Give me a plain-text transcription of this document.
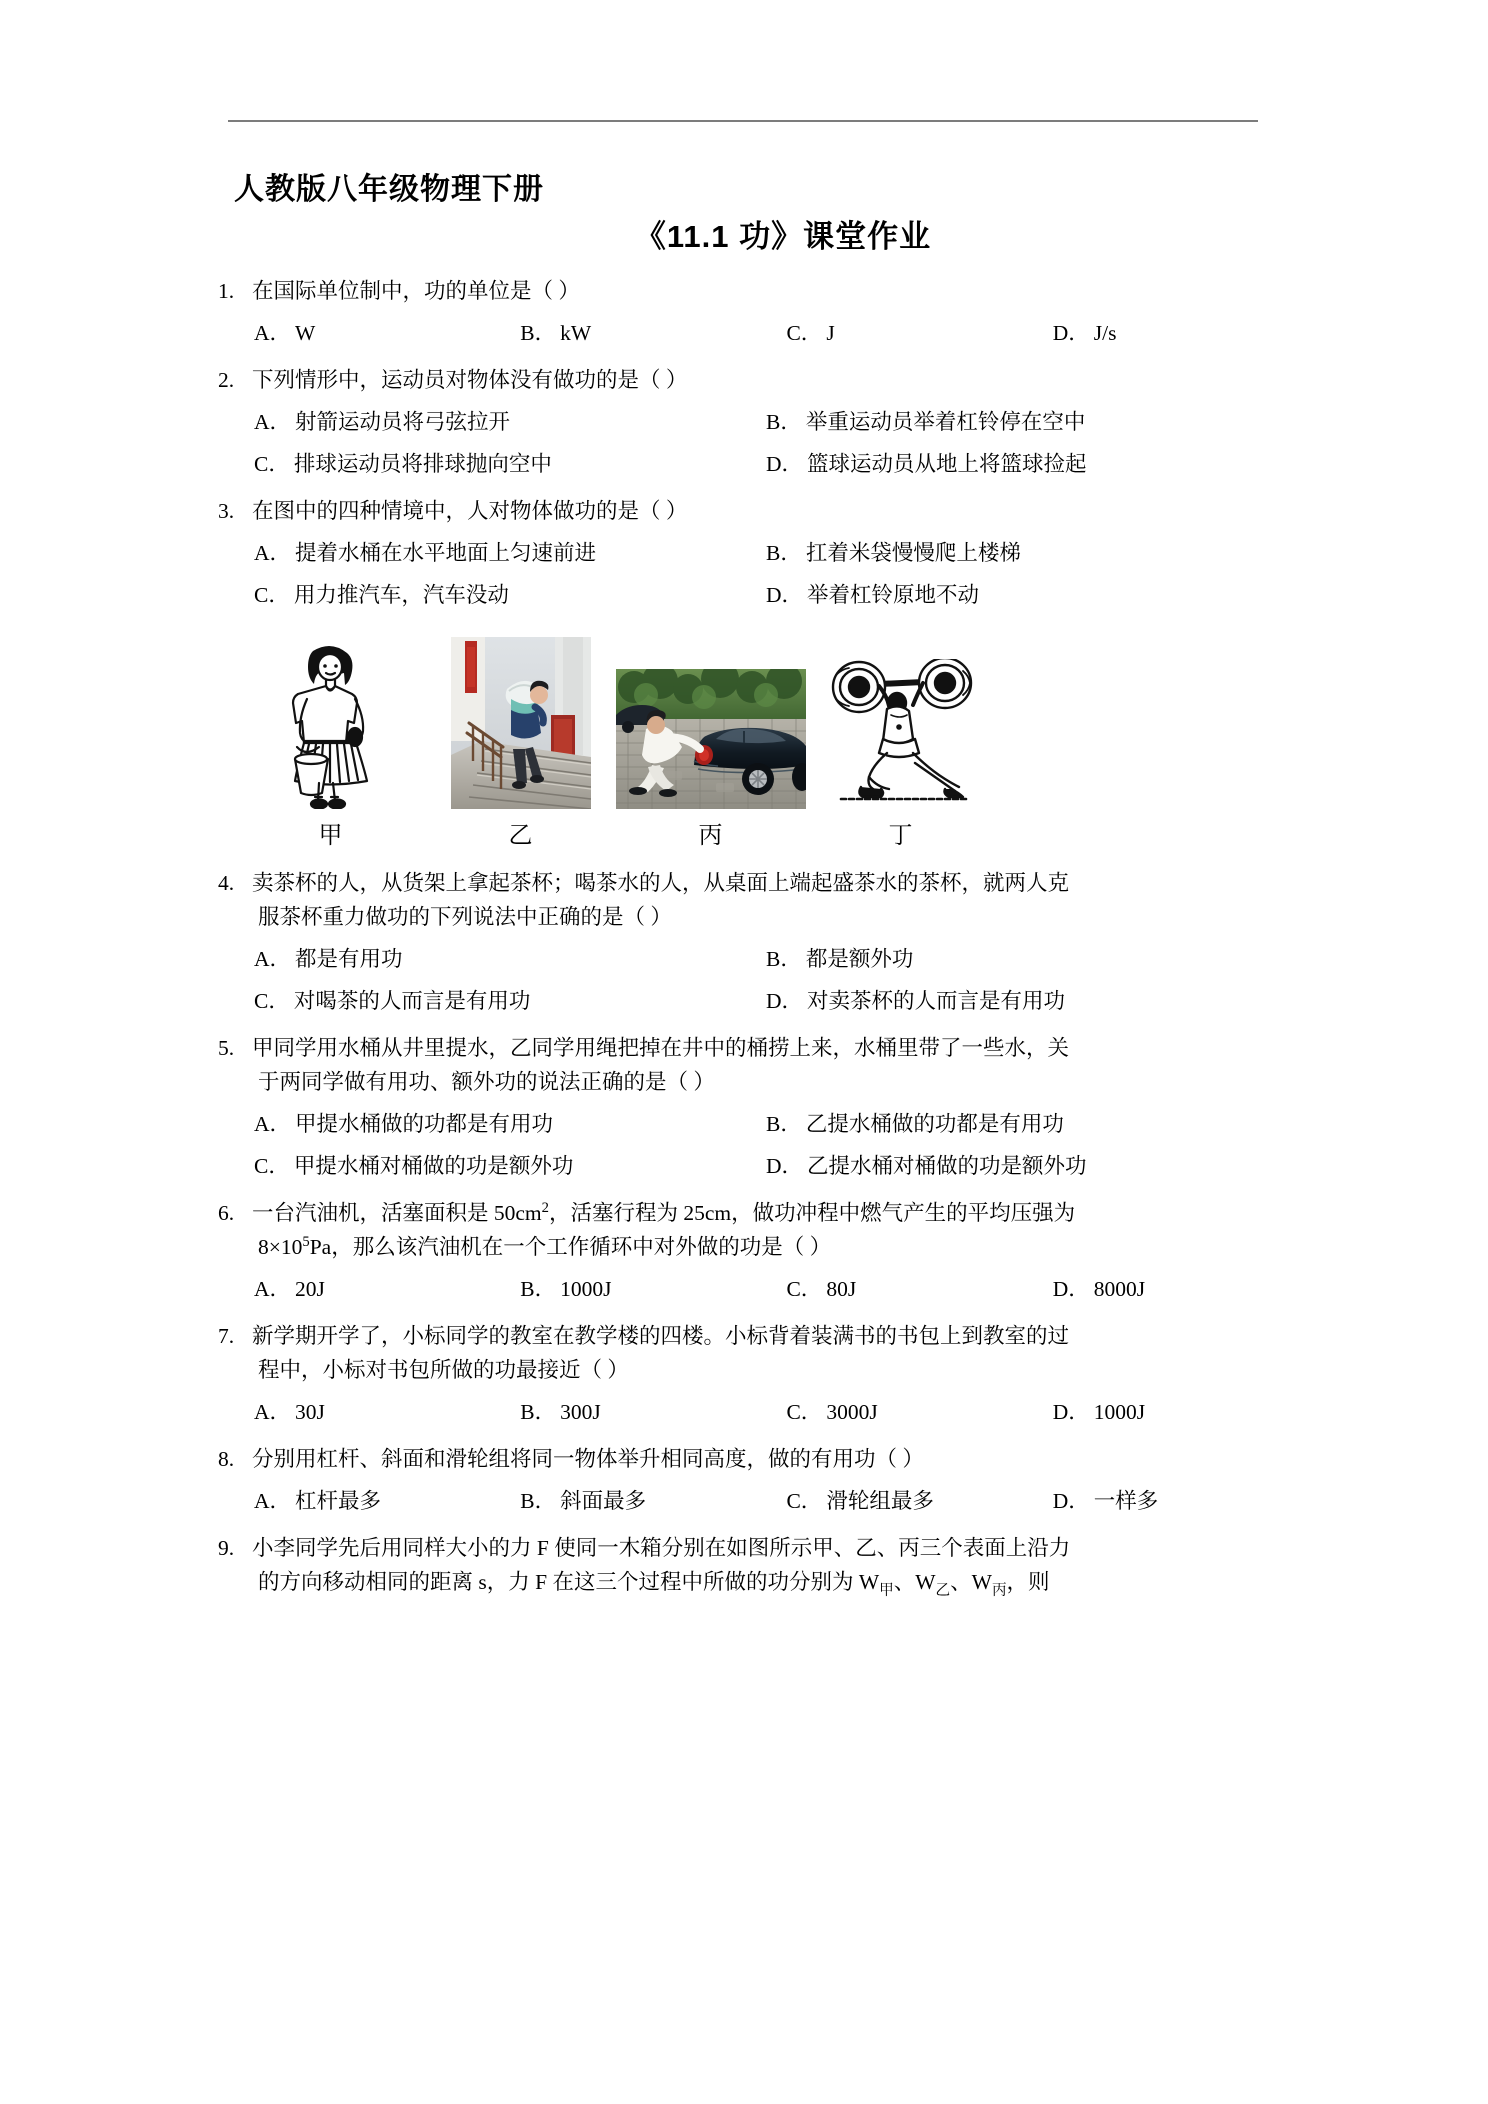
人教版八年级物理下册
《11.1 功》课堂作业
1. 在国际单位制中，功的单位是（ ）
A． W	B． kW	C． J	D． J/s
2. 下列情形中，运动员对物体没有做功的是（ ）
A． 射箭运动员将弓弦拉开	B． 举重运动员举着杠铃停在空中
C． 排球运动员将排球抛向空中	D． 篮球运动员从地上将篮球捡起
3. 在图中的四种情境中，人对物体做功的是（ ）
A． 提着水桶在水平地面上匀速前进	B． 扛着米袋慢慢爬上楼梯
C． 用力推汽车，汽车没动	D． 举着杠铃原地不动
甲	乙	丙	丁
4. 卖茶杯的人，从货架上拿起茶杯；喝茶水的人，从桌面上端起盛茶水的茶杯，就两人克
服茶杯重力做功的下列说法中正确的是（ ）
A． 都是有用功	B． 都是额外功
C． 对喝茶的人而言是有用功	D． 对卖茶杯的人而言是有用功
5. 甲同学用水桶从井里提水，乙同学用绳把掉在井中的桶捞上来，水桶里带了一些水，关
于两同学做有用功、额外功的说法正确的是（ ）
A． 甲提水桶做的功都是有用功	B． 乙提水桶做的功都是有用功
C． 甲提水桶对桶做的功是额外功	D． 乙提水桶对桶做的功是额外功
6. 一台汽油机，活塞面积是 $50cm^2$，活塞行程为 25cm，做功冲程中燃气产生的平均压强为
$8\times 10^5Pa$，那么该汽油机在一个工作循环中对外做的功是（ ）
A． 20J	B． 1000J	C． 80J	D． 8000J
7. 新学期开学了，小标同学的教室在教学楼的四楼。小标背着装满书的书包上到教室的过
程中，小标对书包所做的功最接近（ ）
A． 30J	B． 300J	C． 3000J	D． 1000J
8. 分别用杠杆、斜面和滑轮组将同一物体举升相同高度，做的有用功（ ）
A． 杠杆最多	B． 斜面最多	C． 滑轮组最多	D． 一样多
9. 小李同学先后用同样大小的力 F 使同一木箱分别在如图所示甲、乙、丙三个表面上沿力
的方向移动相同的距离 s，力 F 在这三个过程中所做的功分别为 $W_甲$、$W_乙$、$W_丙$，则
